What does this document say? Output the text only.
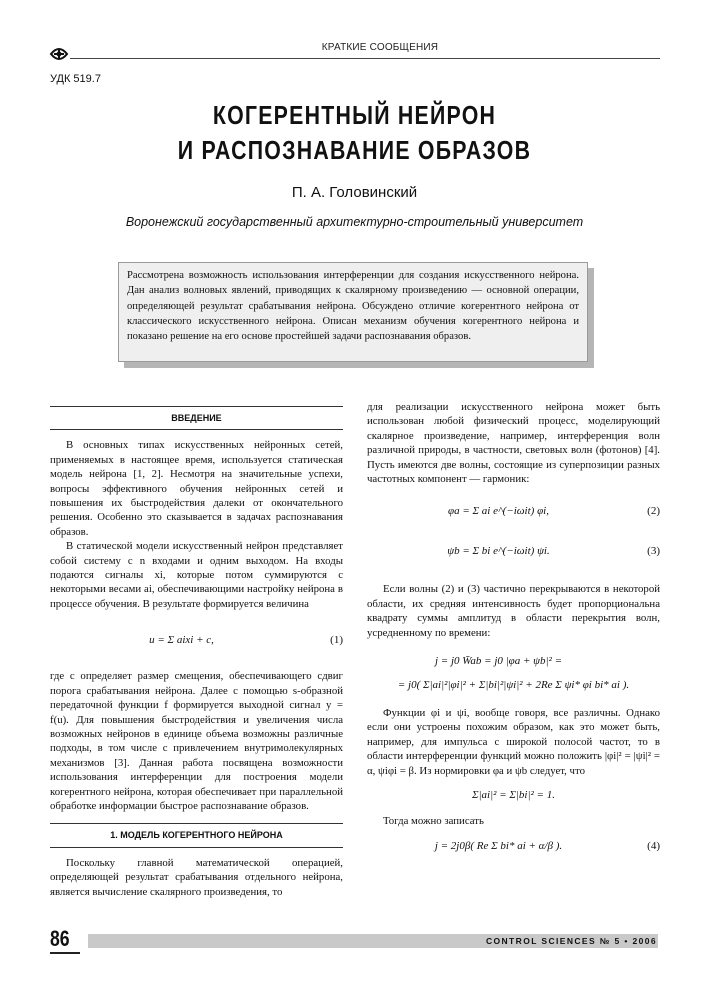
КРАТКИЕ СООБЩЕНИЯ
УДК 519.7
КОГЕРЕНТНЫЙ НЕЙРОН
И РАСПОЗНАВАНИЕ ОБРАЗОВ
П. А. Головинский
Воронежский государственный архитектурно-строительный университет
Рассмотрена возможность использования интерференции для создания искусственного нейрона. Дан анализ волновых явлений, приводящих к скалярному произведению — основной операции, определяющей результат срабатывания нейрона. Обсуждено отличие когерентного нейрона от классического искусственного нейрона. Описан механизм обучения когерентного нейрона и показано решение на его основе простейшей задачи распознавания образов.
ВВЕДЕНИЕ

В основных типах искусственных нейронных сетей, применяемых в настоящее время, используется статическая модель нейрона [1, 2]. Несмотря на значительные успехи, вопросы эффективного обучения нейронных сетей и повышения их быстродействия далеки от окончательного решения. Особенно это сказывается в задачах распознавания образов.

В статической модели искусственный нейрон представляет собой систему с n входами и одним выходом. На входы подаются сигналы xi, которые потом суммируются с некоторыми весами ai, обеспечивающими настройку нейрона в процессе обучения. В результате формируется величина

u = Σ aixi + c,	(1)

где c определяет размер смещения, обеспечивающего сдвиг порога срабатывания нейрона. Далее с помощью s-образной передаточной функции f формируется выходной сигнал y = f(u). Для повышения быстродействия и увеличения числа возможных нейронов в единице объема возможны различные подходы, в том числе с привлечением внутримолекулярных механизмов [3]. Данная работа посвящена возможности использования интерференции для построения модели когерентного нейрона, которая обеспечивает при параллельной обработке информации быстрое распознавание образов.

1. МОДЕЛЬ КОГЕРЕНТНОГО НЕЙРОНА

Поскольку главной математической операцией, определяющей результат срабатывания отдельного нейрона, является вычисление скалярного произведения, то

для реализации искусственного нейрона может быть использован любой физический процесс, моделирующий скалярное произведение, например, интерференция волн различной природы, в частности, световых волн (фотонов) [4]. Пусть имеются две волны, состоящие из суперпозиции разных частотных компонент — гармоник:

φa = Σ ai e^(−iωit) φi,	(2)
ψb = Σ bi e^(−iωit) ψi.	(3)

Если волны (2) и (3) частично перекрываются в некоторой области, их средняя интенсивность будет пропорциональна квадрату суммы амплитуд в области перекрытия волн, усредненному по времени:

j = j0 W̄ab = j0 |φa + ψb|² =
= j0( Σ|ai|²|φi|² + Σ|bi|²|ψi|² + 2Re Σ ψi* φi bi* ai ).

Функции φi и ψi, вообще говоря, все различны. Однако если они устроены похожим образом, как это может быть, например, для импульса с широкой полосой частот, то в области интерференции функций можно положить |φi|² = |ψi|² = α, ψiφi = β. Из нормировки φa и ψb следует, что

Σ|ai|² = Σ|bi|² = 1.

Тогда можно записать

j = 2j0β( Re Σ bi* ai + α/β ).	(4)
86	CONTROL SCIENCES № 5 • 2006
